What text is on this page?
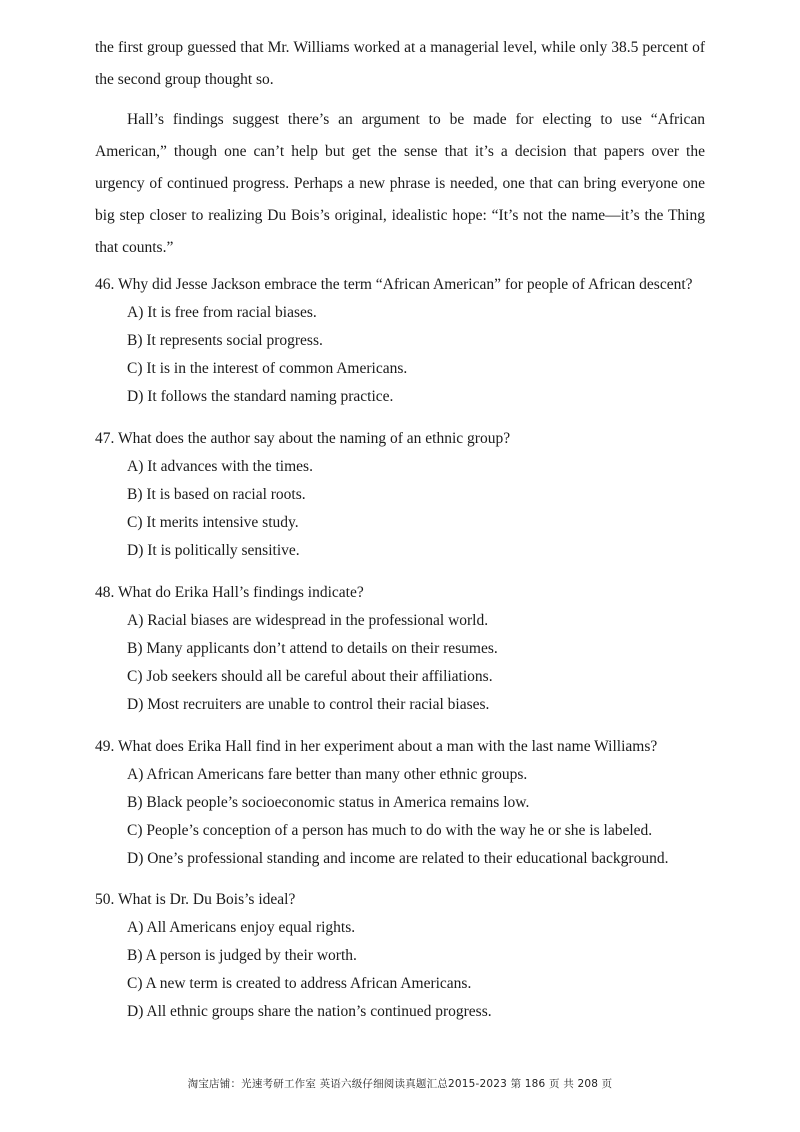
the first group guessed that Mr. Williams worked at a managerial level, while only 38.5 percent of the second group thought so.

Hall’s findings suggest there’s an argument to be made for electing to use “African American,” though one can’t help but get the sense that it’s a decision that papers over the urgency of continued progress. Perhaps a new phrase is needed, one that can bring everyone one big step closer to realizing Du Bois’s original, idealistic hope: “It’s not the name—it’s the Thing that counts.”

46. Why did Jesse Jackson embrace the term “African American” for people of African descent?

A) It is free from racial biases.
B) It represents social progress.
C) It is in the interest of common Americans.
D) It follows the standard naming practice.

47. What does the author say about the naming of an ethnic group?

A) It advances with the times.
B) It is based on racial roots.
C) It merits intensive study.
D) It is politically sensitive.

48. What do Erika Hall’s findings indicate?

A) Racial biases are widespread in the professional world.
B) Many applicants don’t attend to details on their resumes.
C) Job seekers should all be careful about their affiliations.
D) Most recruiters are unable to control their racial biases.

49. What does Erika Hall find in her experiment about a man with the last name Williams?

A) African Americans fare better than many other ethnic groups.
B) Black people’s socioeconomic status in America remains low.
C) People’s conception of a person has much to do with the way he or she is labeled.
D) One’s professional standing and income are related to their educational background.

50. What is Dr. Du Bois’s ideal?

A) All Americans enjoy equal rights.
B) A person is judged by their worth.
C) A new term is created to address African Americans.
D) All ethnic groups share the nation’s continued progress.
淘宝店铺：光速考研工作室 英语六级仔细阅读真题汇总2015-2023 第 186 页 共 208 页
